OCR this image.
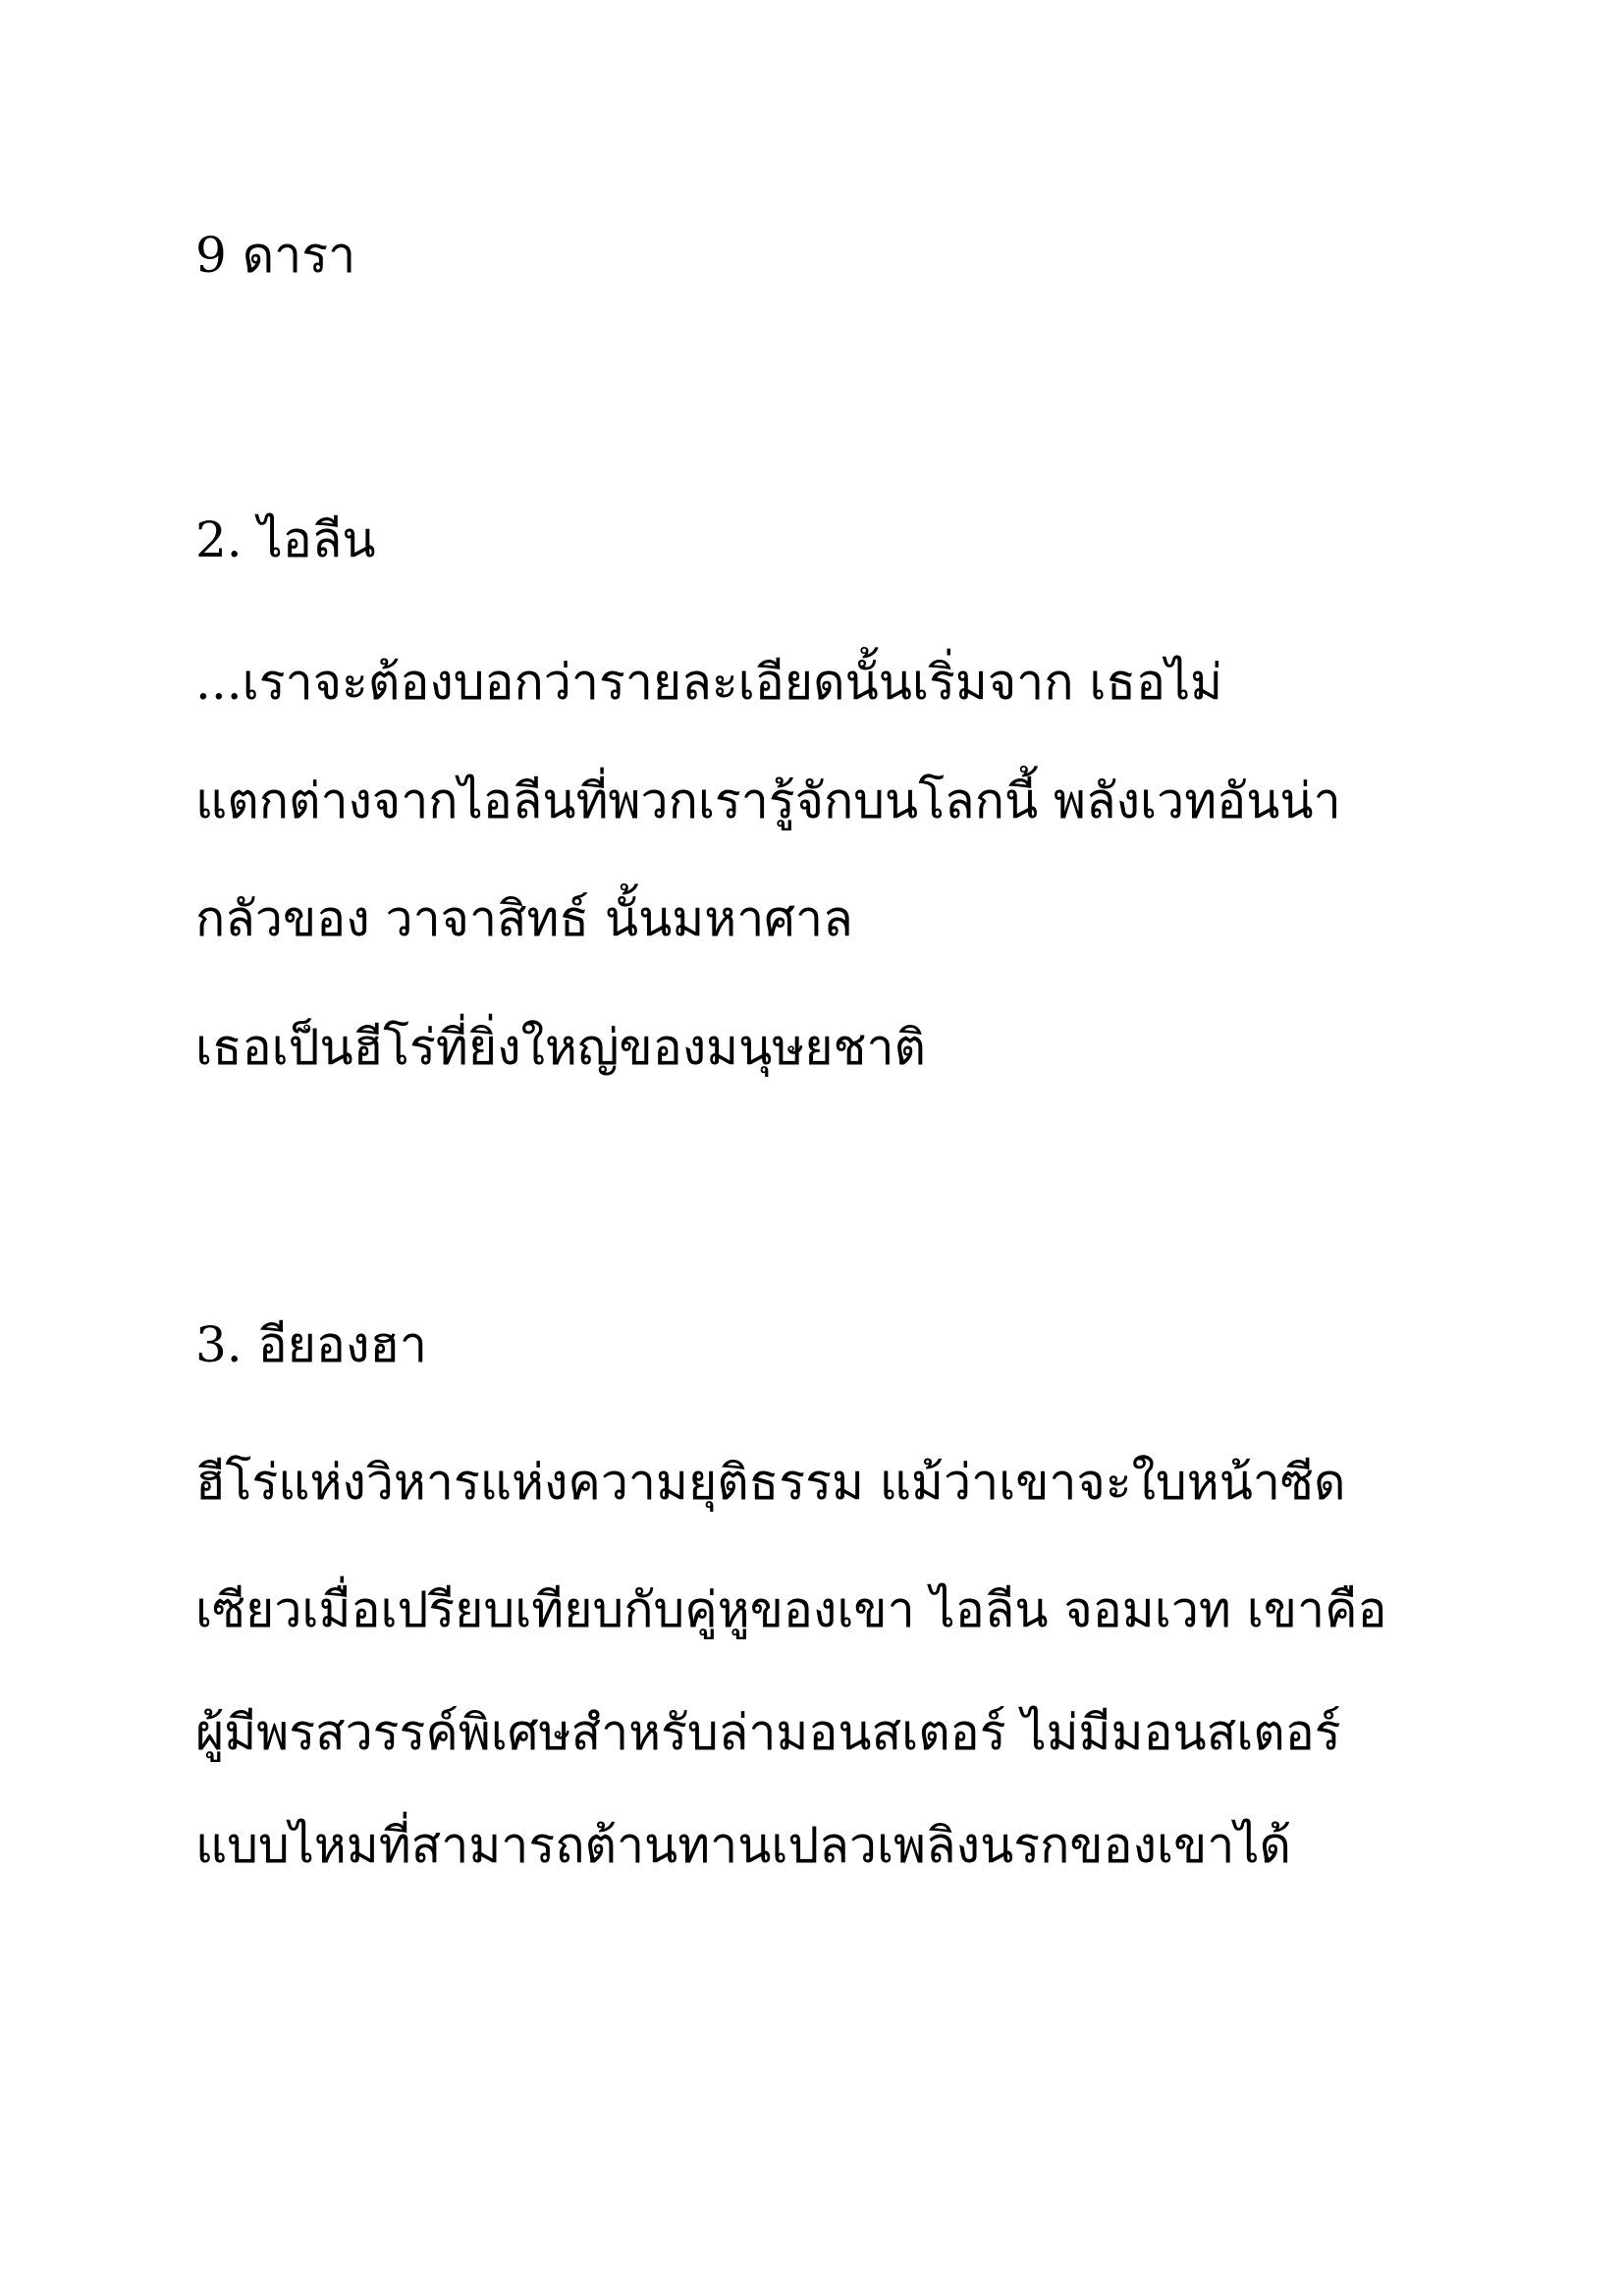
9 ดารา
2. ไอลีน
...เราจะต้องบอกว่ารายละเอียดนั้นเริ่มจาก เธอไม่
แตกต่างจากไอลีนที่พวกเรารู้จักบนโลกนี้ พลังเวทอันน่า
กลัวของ วาจาสิทธ์ นั้นมหาศาล
เธอเป็นฮีโร่ที่ยิ่งใหญ่ของมนุษยชาติ
3. อียองฮา
ฮีโร่แห่งวิหารแห่งความยุติธรรม แม้ว่าเขาจะใบหน้าซีด
เซียวเมื่อเปรียบเทียบกับคู่หูของเขา ไอลีน จอมเวท เขาคือ
ผู้มีพรสวรรค์พิเศษสำหรับล่ามอนสเตอร์ ไม่มีมอนสเตอร์
แบบไหมที่สามารถต้านทานเปลวเพลิงนรกของเขาได้
